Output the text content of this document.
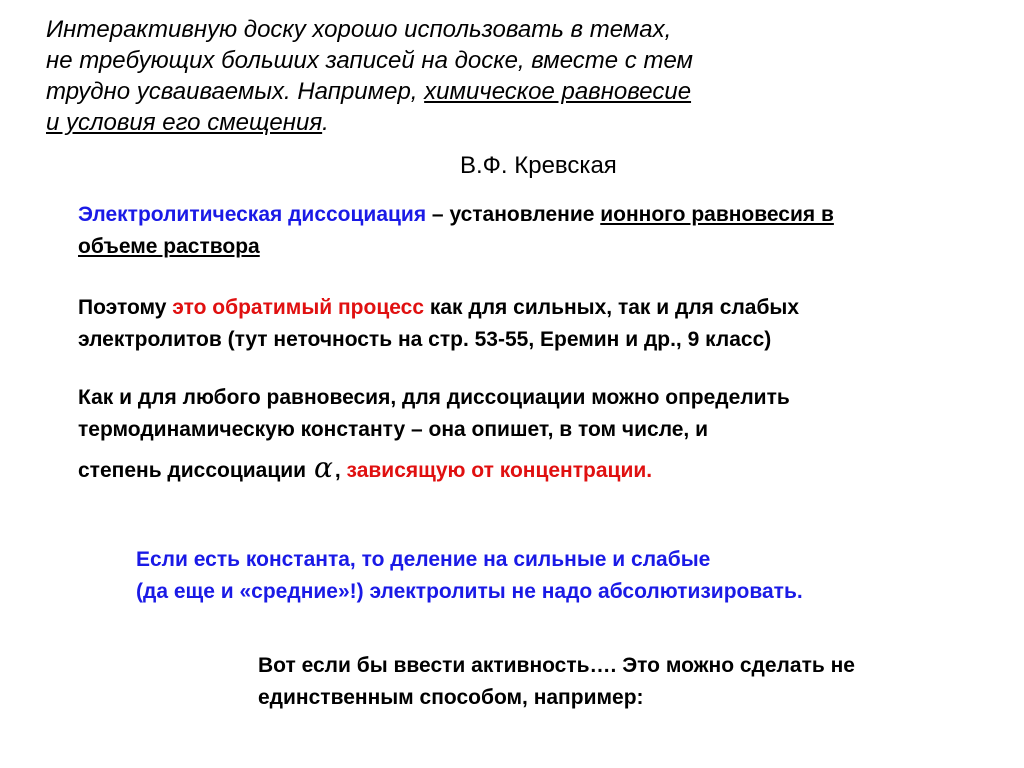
Интерактивную доску хорошо использовать в темах,
не требующих больших записей на доске, вместе с тем
трудно усваиваемых. Например, химическое равновесие
и условия его смещения.
В.Ф. Кревская
Электролитическая диссоциация – установление ионного равновесия в
объеме раствора
Поэтому это обратимый процесс как для сильных, так и для слабых
электролитов (тут неточность на стр. 53-55, Еремин и др., 9 класс)
Как и для любого равновесия, для диссоциации можно определить
термодинамическую константу – она опишет, в том числе, и
степень диссоциации α, зависящую от концентрации.
Если есть константа, то деление на сильные и слабые
(да еще и «средние»!) электролиты не надо абсолютизировать.
Вот если бы ввести активность…. Это можно сделать не
единственным способом, например:
